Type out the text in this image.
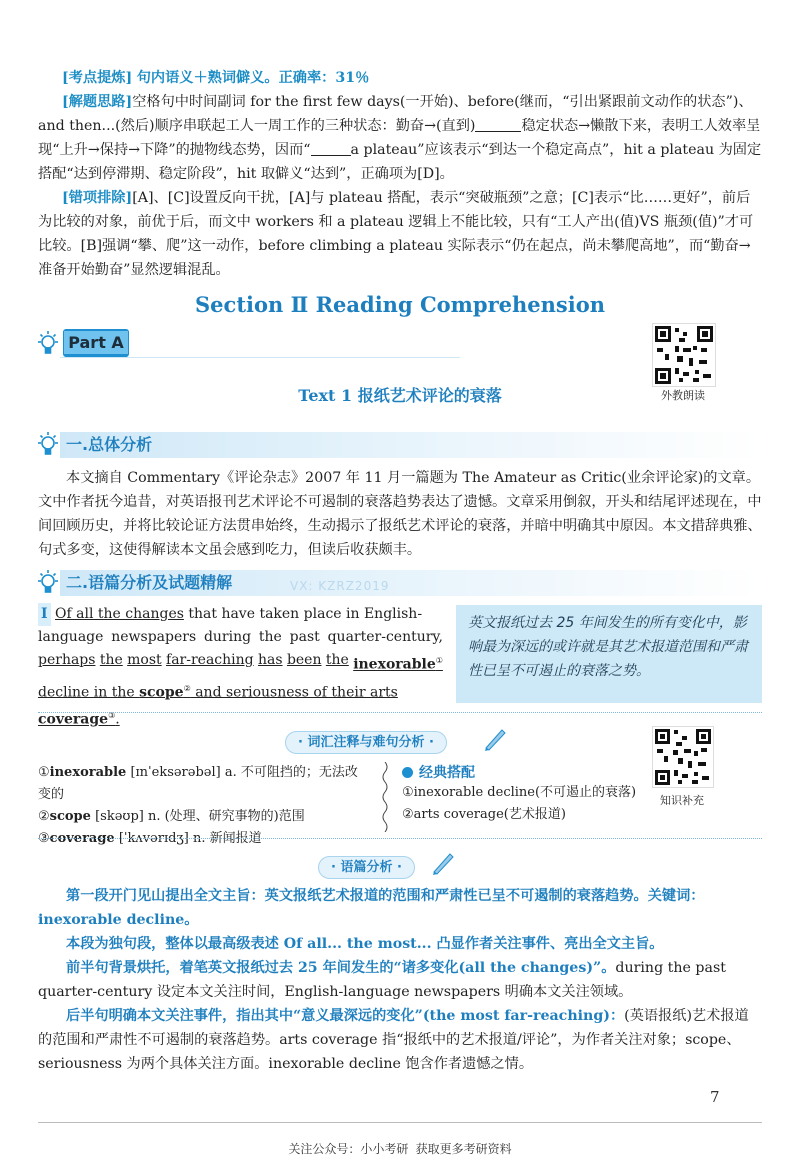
[考点提炼] 句内语义＋熟词僻义。正确率：31％
[解题思路]空格句中时间副词 for the first few days(一开始)、before(继而，“引出紧跟前文动作的状态”)、and then...(然后)顺序串联起工人一周工作的三种状态：勤奋→(直到)	稳定状态→懒散下来，表明工人效率呈现“上升→保持→下降”的抛物线态势，因而“	a plateau”应该表示“到达一个稳定高点”，hit a plateau 为固定搭配“达到停滞期、稳定阶段”，hit 取僻义“达到”，正确项为[D]。
[错项排除][A]、[C]设置反向干扰，[A]与 plateau 搭配，表示“突破瓶颈”之意；[C]表示“比……更好”，前后为比较的对象，前优于后，而文中 workers 和 a plateau 逻辑上不能比较，只有“工人产出(值)VS 瓶颈(值)”才可比较。[B]强调“攀、爬”这一动作，before climbing a plateau 实际表示“仍在起点，尚未攀爬高地”，而“勤奋→准备开始勤奋”显然逻辑混乱。
Section Ⅱ Reading Comprehension
Part A
外教朗读
Text 1 报纸艺术评论的衰落
一.总体分析
本文摘自 Commentary《评论杂志》2007 年 11 月一篇题为 The Amateur as Critic(业余评论家)的文章。文中作者抚今追昔，对英语报刊艺术评论不可遏制的衰落趋势表达了遗憾。文章采用倒叙，开头和结尾评述现在，中间回顾历史，并将比较论证方法贯串始终，生动揭示了报纸艺术评论的衰落，并暗中明确其中原因。本文措辞典雅、句式多变，这使得解读本文虽会感到吃力，但读后收获颇丰。
二.语篇分析及试题精解	VX: KZRZ2019
I Of all the changes that have taken place in English-
language newspapers during the past quarter-century,
perhaps the most far-reaching has been the inexorable①
decline in the scope② and seriousness of their arts coverage③.
英文报纸过去 25 年间发生的所有变化中，影响最为深远的或许就是其艺术报道范围和严肃性已呈不可遏止的衰落之势。
· 词汇注释与难句分析 ·
①inexorable [ɪnˈeksərəbəl] a. 不可阻挡的；无法改变的
②scope [skəʊp] n. (处理、研究事物的)范围
③coverage [ˈkʌvərɪdʒ] n. 新闻报道
经典搭配
①inexorable decline(不可遏止的衰落)
②arts coverage(艺术报道)
知识补充
· 语篇分析 ·

第一段开门见山提出全文主旨：英文报纸艺术报道的范围和严肃性已呈不可遏制的衰落趋势。关键词：inexorable decline。

本段为独句段，整体以最高级表述 Of all... the most... 凸显作者关注事件、亮出全文主旨。

前半句背景烘托，着笔英文报纸过去 25 年间发生的“诸多变化(all the changes)”。during the past quarter-century 设定本文关注时间，English-language newspapers 明确本文关注领域。

后半句明确本文关注事件，指出其中“意义最深远的变化”(the most far-reaching)：(英语报纸)艺术报道的范围和严肃性不可遏制的衰落趋势。arts coverage 指“报纸中的艺术报道/评论”，为作者关注对象；scope、seriousness 为两个具体关注方面。inexorable decline 饱含作者遗憾之情。

7
关注公众号：小小考研 获取更多考研资料
